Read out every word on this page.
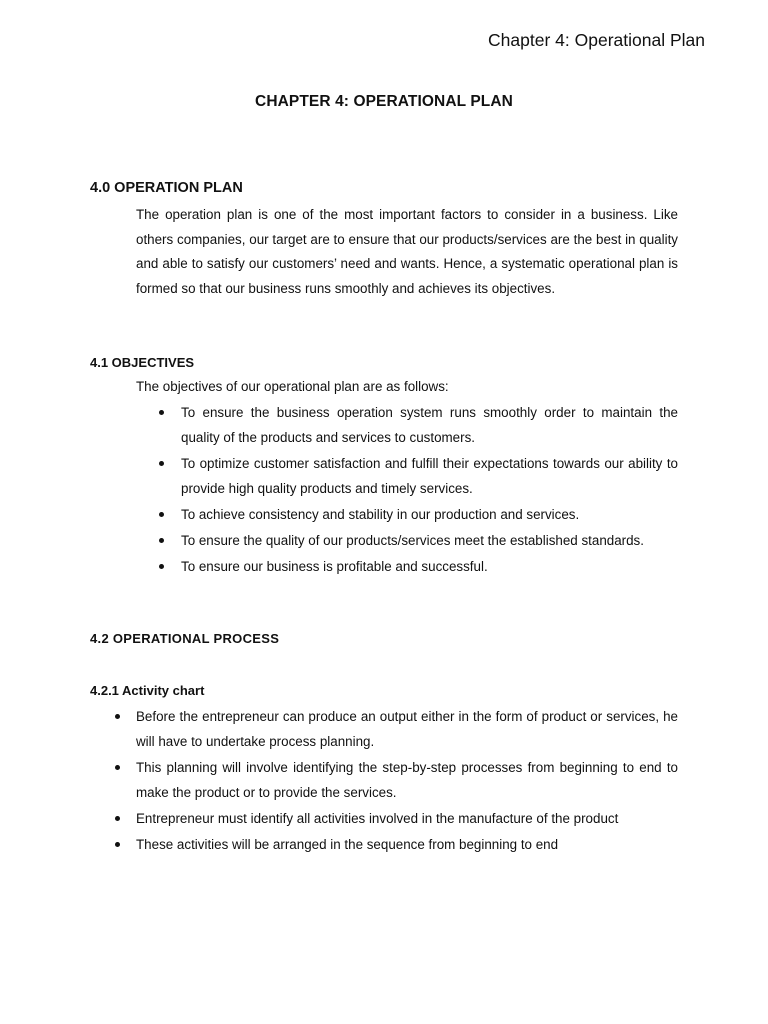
Chapter 4: Operational Plan
CHAPTER 4: OPERATIONAL PLAN
4.0 OPERATION PLAN

The operation plan is one of the most important factors to consider in a business. Like others companies, our target are to ensure that our products/services are the best in quality and able to satisfy our customers’ need and wants. Hence, a systematic operational plan is formed so that our business runs smoothly and achieves its objectives.

4.1 OBJECTIVES

The objectives of our operational plan are as follows:

To ensure the business operation system runs smoothly order to maintain the quality of the products and services to customers.
To optimize customer satisfaction and fulfill their expectations towards our ability to provide high quality products and timely services.
To achieve consistency and stability in our production and services.
To ensure the quality of our products/services meet the established standards.
To ensure our business is profitable and successful.
4.2 OPERATIONAL PROCESS
4.2.1 Activity chart
Before the entrepreneur can produce an output either in the form of product or services, he will have to undertake process planning.
This planning will involve identifying the step-by-step processes from beginning to end to make the product or to provide the services.
Entrepreneur must identify all activities involved in the manufacture of the product
These activities will be arranged in the sequence from beginning to end
